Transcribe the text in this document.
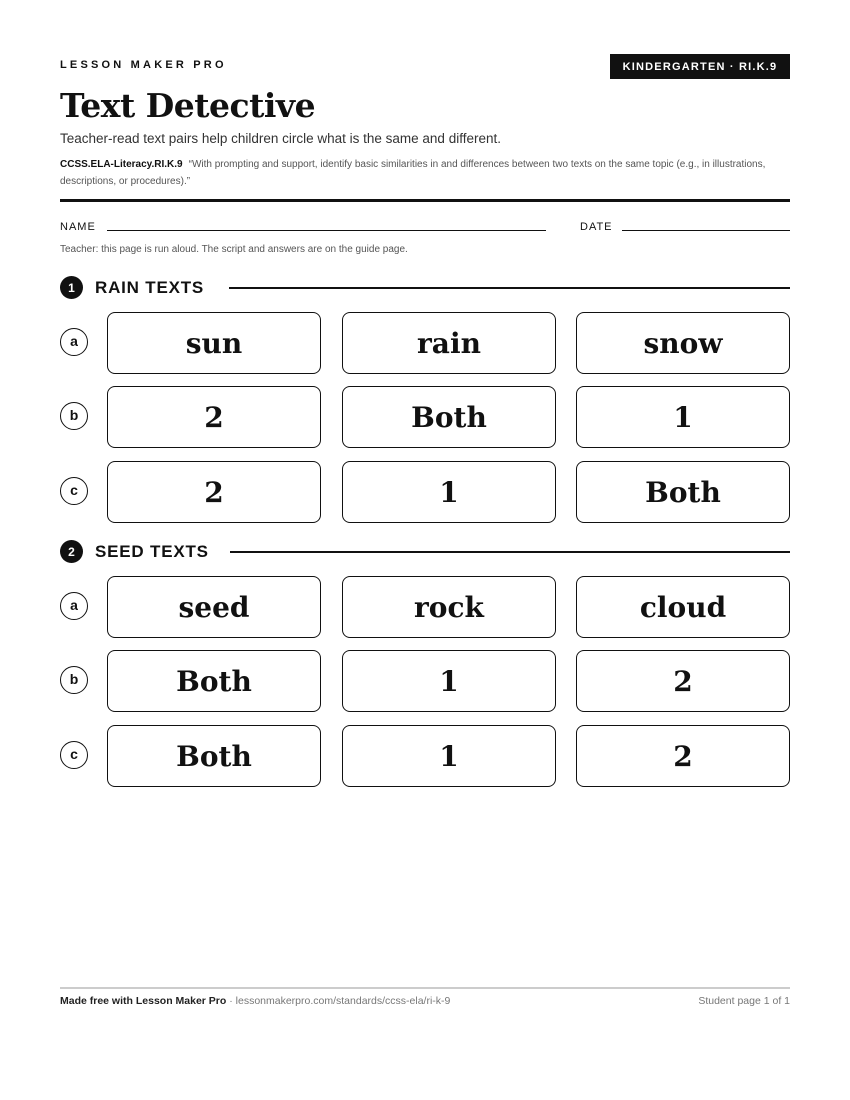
LESSON MAKER PRO	KINDERGARTEN · RI.K.9
Text Detective
Teacher-read text pairs help children circle what is the same and different.
CCSS.ELA-Literacy.RI.K.9 “With prompting and support, identify basic similarities in and differences between two texts on the same topic (e.g., in illustrations, descriptions, or procedures).”
NAME	DATE
Teacher: this page is run aloud. The script and answers are on the guide page.
1	RAIN TEXTS
a	sun	rain	snow
b	2	Both	1
c	2	1	Both
2	SEED TEXTS
a	seed	rock	cloud
b	Both	1	2
c	Both	1	2
Made free with Lesson Maker Pro · lessonmakerpro.com/standards/ccss-ela/ri-k-9	Student page 1 of 1
